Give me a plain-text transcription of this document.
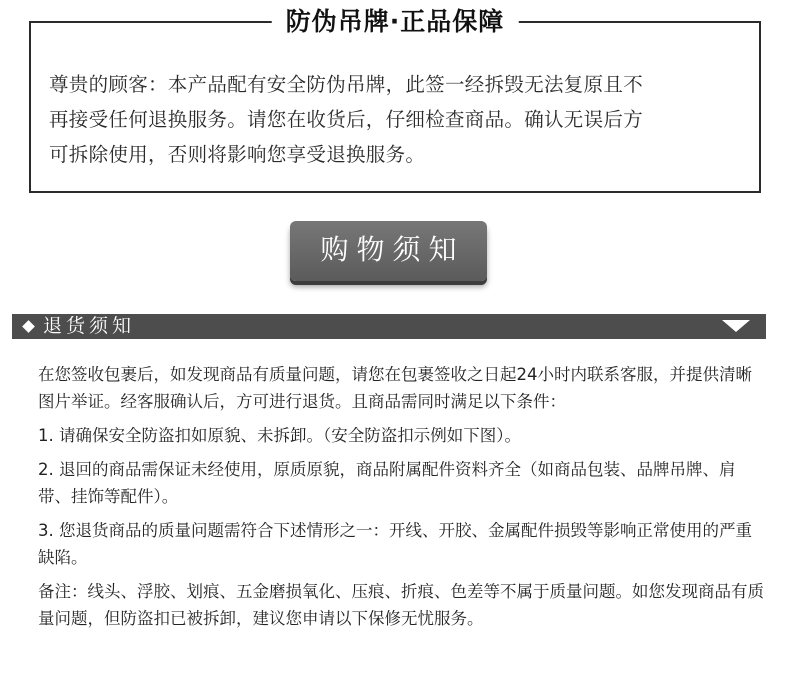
防伪吊牌·正品保障
尊贵的顾客：本产品配有安全防伪吊牌，此签一经拆毁无法复原且不
再接受任何退换服务。请您在收货后，仔细检查商品。确认无误后方
可拆除使用，否则将影响您享受退换服务。
购物须知
退货须知

在您签收包裹后，如发现商品有质量问题，请您在包裹签收之日起24小时内联系客服，并提供清晰图片举证。经客服确认后，方可进行退货。且商品需同时满足以下条件：

1. 请确保安全防盗扣如原貌、未拆卸。（安全防盗扣示例如下图）。

2. 退回的商品需保证未经使用，原质原貌，商品附属配件资料齐全（如商品包装、品牌吊牌、肩带、挂饰等配件）。

3. 您退货商品的质量问题需符合下述情形之一：开线、开胶、金属配件损毁等影响正常使用的严重缺陷。

备注：线头、浮胶、划痕、五金磨损氧化、压痕、折痕、色差等不属于质量问题。如您发现商品有质量问题，但防盗扣已被拆卸，建议您申请以下保修无忧服务。
